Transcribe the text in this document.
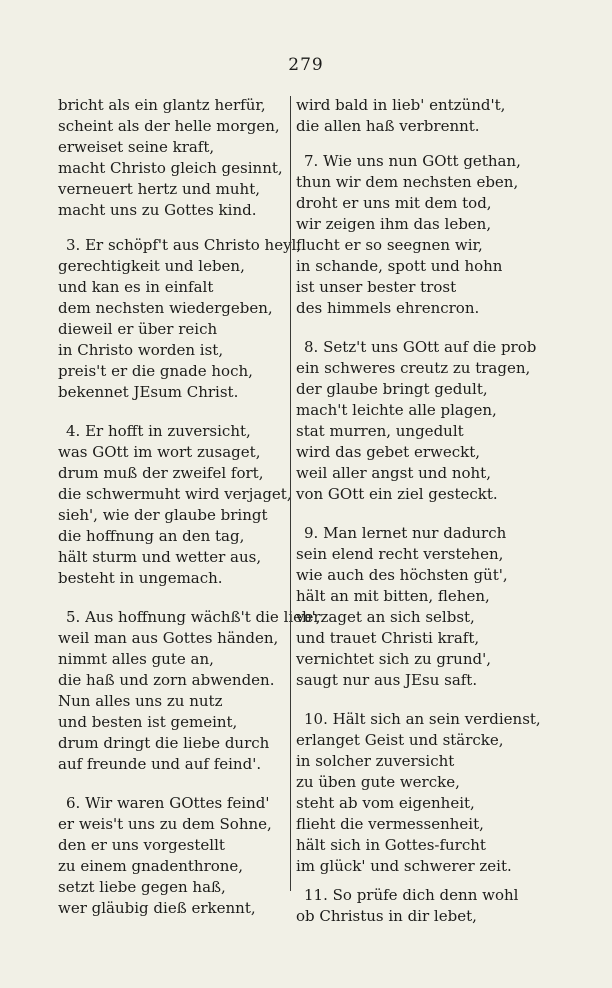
279
bricht als ein glantz herfür,
scheint als der helle morgen,
erweiset seine kraft,
macht Christo gleich gesinnt,
verneuert hertz und muht,
macht uns zu Gottes kind.
3. Er schöpf't aus Christo heyl,
gerechtigkeit und leben,
und kan es in einfalt
dem nechsten wiedergeben,
dieweil er über reich
in Christo worden ist,
preis't er die gnade hoch,
bekennet JEsum Christ.
4. Er hofft in zuversicht,
was GOtt im wort zusaget,
drum muß der zweifel fort,
die schwermuht wird verjaget,
sieh', wie der glaube bringt
die hoffnung an den tag,
hält sturm und wetter aus,
besteht in ungemach.
5. Aus hoffnung wächß't die lieb',
weil man aus Gottes händen,
nimmt alles gute an,
die haß und zorn abwenden.
Nun alles uns zu nutz
und besten ist gemeint,
drum dringt die liebe durch
auf freunde und auf feind'.
6. Wir waren GOttes feind'
er weis't uns zu dem Sohne,
den er uns vorgestellt
zu einem gnadenthrone,
setzt liebe gegen haß,
wer gläubig dieß erkennt,
wird bald in lieb' entzünd't,
die allen haß verbrennt.
7. Wie uns nun GOtt gethan,
thun wir dem nechsten eben,
droht er uns mit dem tod,
wir zeigen ihm das leben,
flucht er so seegnen wir,
in schande, spott und hohn
ist unser bester trost
des himmels ehrencron.
8. Setz't uns GOtt auf die prob
ein schweres creutz zu tragen,
der glaube bringt gedult,
mach't leichte alle plagen,
stat murren, ungedult
wird das gebet erweckt,
weil aller angst und noht,
von GOtt ein ziel gesteckt.
9. Man lernet nur dadurch
sein elend recht verstehen,
wie auch des höchsten güt',
hält an mit bitten, flehen,
verzaget an sich selbst,
und trauet Christi kraft,
vernichtet sich zu grund',
saugt nur aus JEsu saft.
10. Hält sich an sein verdienst,
erlanget Geist und stärcke,
in solcher zuversicht
zu üben gute wercke,
steht ab vom eigenheit,
flieht die vermessenheit,
hält sich in Gottes-furcht
im glück' und schwerer zeit.
11. So prüfe dich denn wohl
ob Christus in dir lebet,
